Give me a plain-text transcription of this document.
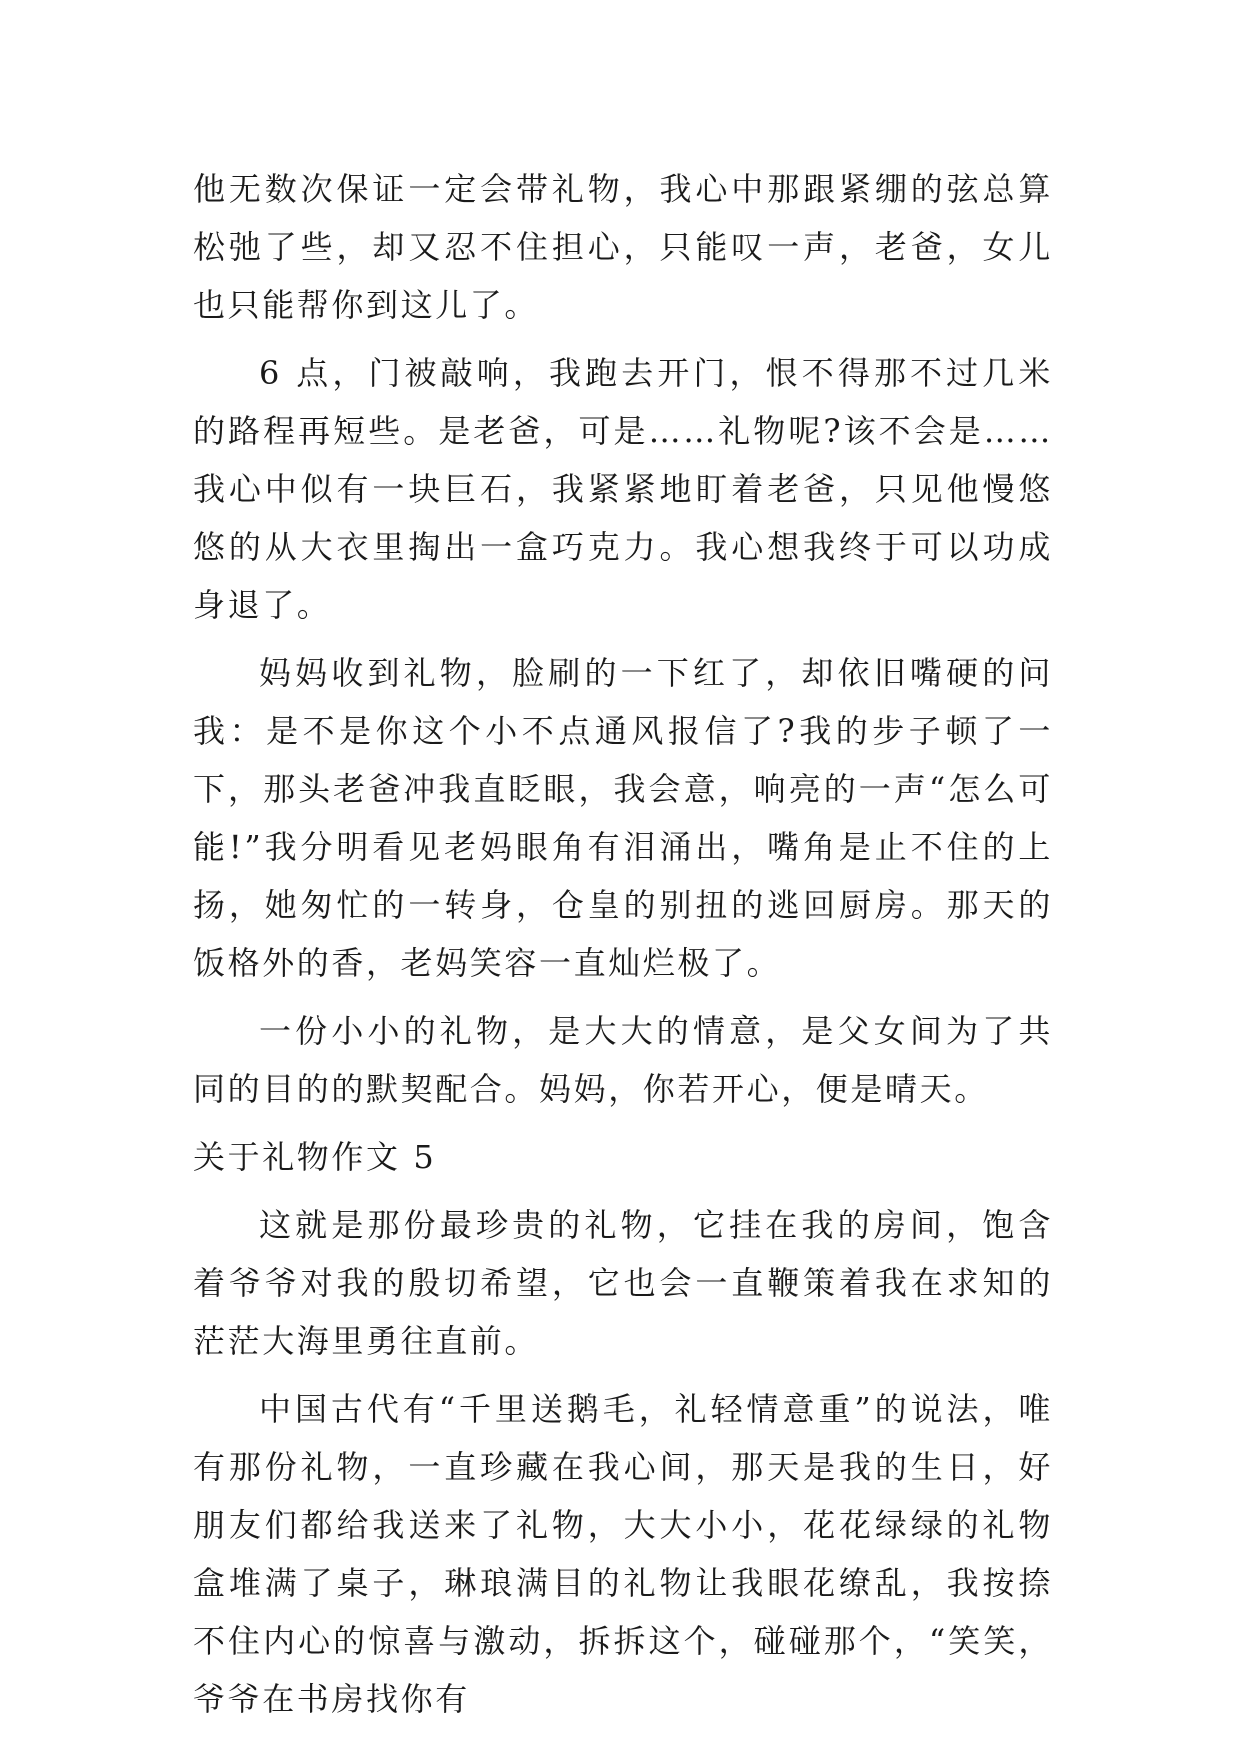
他无数次保证一定会带礼物，我心中那跟紧绷的弦总算松弛了些，却又忍不住担心，只能叹一声，老爸，女儿也只能帮你到这儿了。

6 点，门被敲响，我跑去开门，恨不得那不过几米的路程再短些。是老爸，可是……礼物呢?该不会是……我心中似有一块巨石，我紧紧地盯着老爸，只见他慢悠悠的从大衣里掏出一盒巧克力。我心想我终于可以功成身退了。

妈妈收到礼物，脸刷的一下红了，却依旧嘴硬的问我：是不是你这个小不点通风报信了?我的步子顿了一下，那头老爸冲我直眨眼，我会意，响亮的一声“怎么可能!”我分明看见老妈眼角有泪涌出，嘴角是止不住的上扬，她匆忙的一转身，仓皇的别扭的逃回厨房。那天的饭格外的香，老妈笑容一直灿烂极了。

一份小小的礼物，是大大的情意，是父女间为了共同的目的的默契配合。妈妈，你若开心，便是晴天。

关于礼物作文 5

这就是那份最珍贵的礼物，它挂在我的房间，饱含着爷爷对我的殷切希望，它也会一直鞭策着我在求知的茫茫大海里勇往直前。

中国古代有“千里送鹅毛，礼轻情意重”的说法，唯有那份礼物，一直珍藏在我心间，那天是我的生日，好朋友们都给我送来了礼物，大大小小，花花绿绿的礼物盒堆满了桌子，琳琅满目的礼物让我眼花缭乱，我按捺不住内心的惊喜与激动，拆拆这个，碰碰那个，“笑笑，爷爷在书房找你有
